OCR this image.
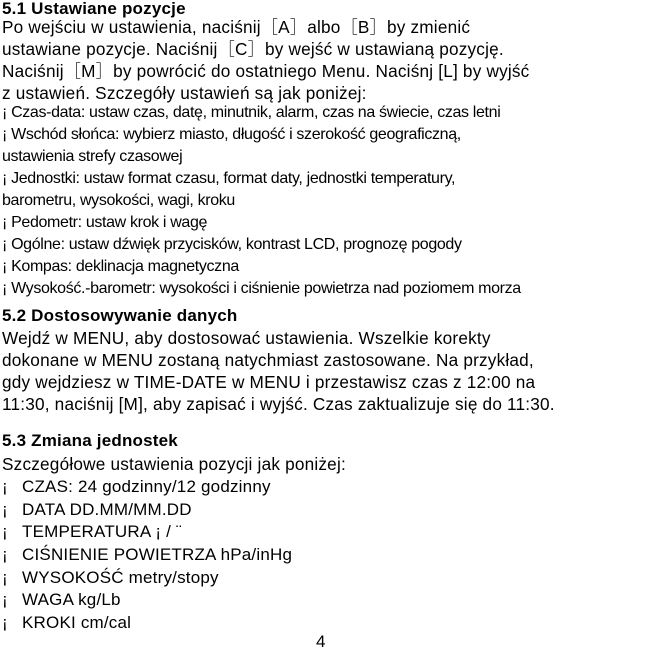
5.1 Ustawiane pozycje
Po wejściu w ustawienia, naciśnij［A］albo［B］by zmienić
ustawiane pozycje. Naciśnij［C］by wejść w ustawianą pozycję.
Naciśnij［M］by powrócić do ostatniego Menu. Naciśnj [L] by wyjść
z ustawień. Szczegóły ustawień są jak poniżej:
¡ Czas-data: ustaw czas, datę, minutnik, alarm, czas na świecie, czas letni
¡ Wschód słońca: wybierz miasto, długość i szerokość geograficzną,
ustawienia strefy czasowej
¡ Jednostki: ustaw format czasu, format daty, jednostki temperatury,
barometru, wysokości, wagi, kroku
¡ Pedometr: ustaw krok i wagę
¡ Ogólne: ustaw dźwięk przycisków, kontrast LCD, prognozę pogody
¡ Kompas: deklinacja magnetyczna
¡ Wysokość.-barometr: wysokości i ciśnienie powietrza nad poziomem morza
5.2 Dostosowywanie danych
Wejdź w MENU, aby dostosować ustawienia. Wszelkie korekty
dokonane w MENU zostaną natychmiast zastosowane. Na przykład,
gdy wejdziesz w TIME-DATE w MENU i przestawisz czas z 12:00 na
11:30, naciśnij [M], aby zapisać i wyjść. Czas zaktualizuje się do 11:30.
5.3 Zmiana jednostek
Szczegółowe ustawienia pozycji jak poniżej:
¡ CZAS: 24 godzinny/12 godzinny
¡ DATA DD.MM/MM.DD
¡ TEMPERATURA ¡ / ¨
¡ CIŚNIENIE POWIETRZA hPa/inHg
¡ WYSOKOŚĆ metry/stopy
¡ WAGA kg/Lb
¡ KROKI cm/cal
4
